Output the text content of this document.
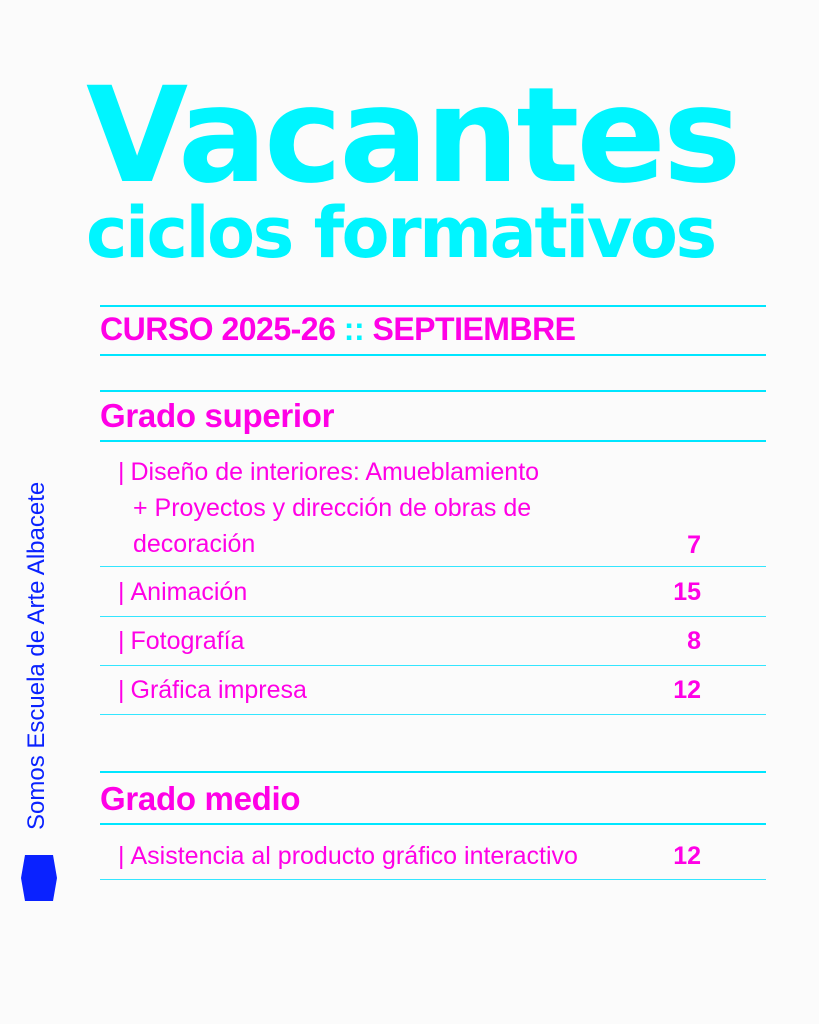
Vacantes
ciclos formativos
CURSO 2025-26 :: SEPTIEMBRE
Grado superior
| Diseño de interiores: Amueblamiento
+ Proyectos y dirección de obras de
decoración	7
| Animación	15
| Fotografía	8
| Gráfica impresa	12
Grado medio
| Asistencia al producto gráfico interactivo	12
Somos Escuela de Arte Albacete
